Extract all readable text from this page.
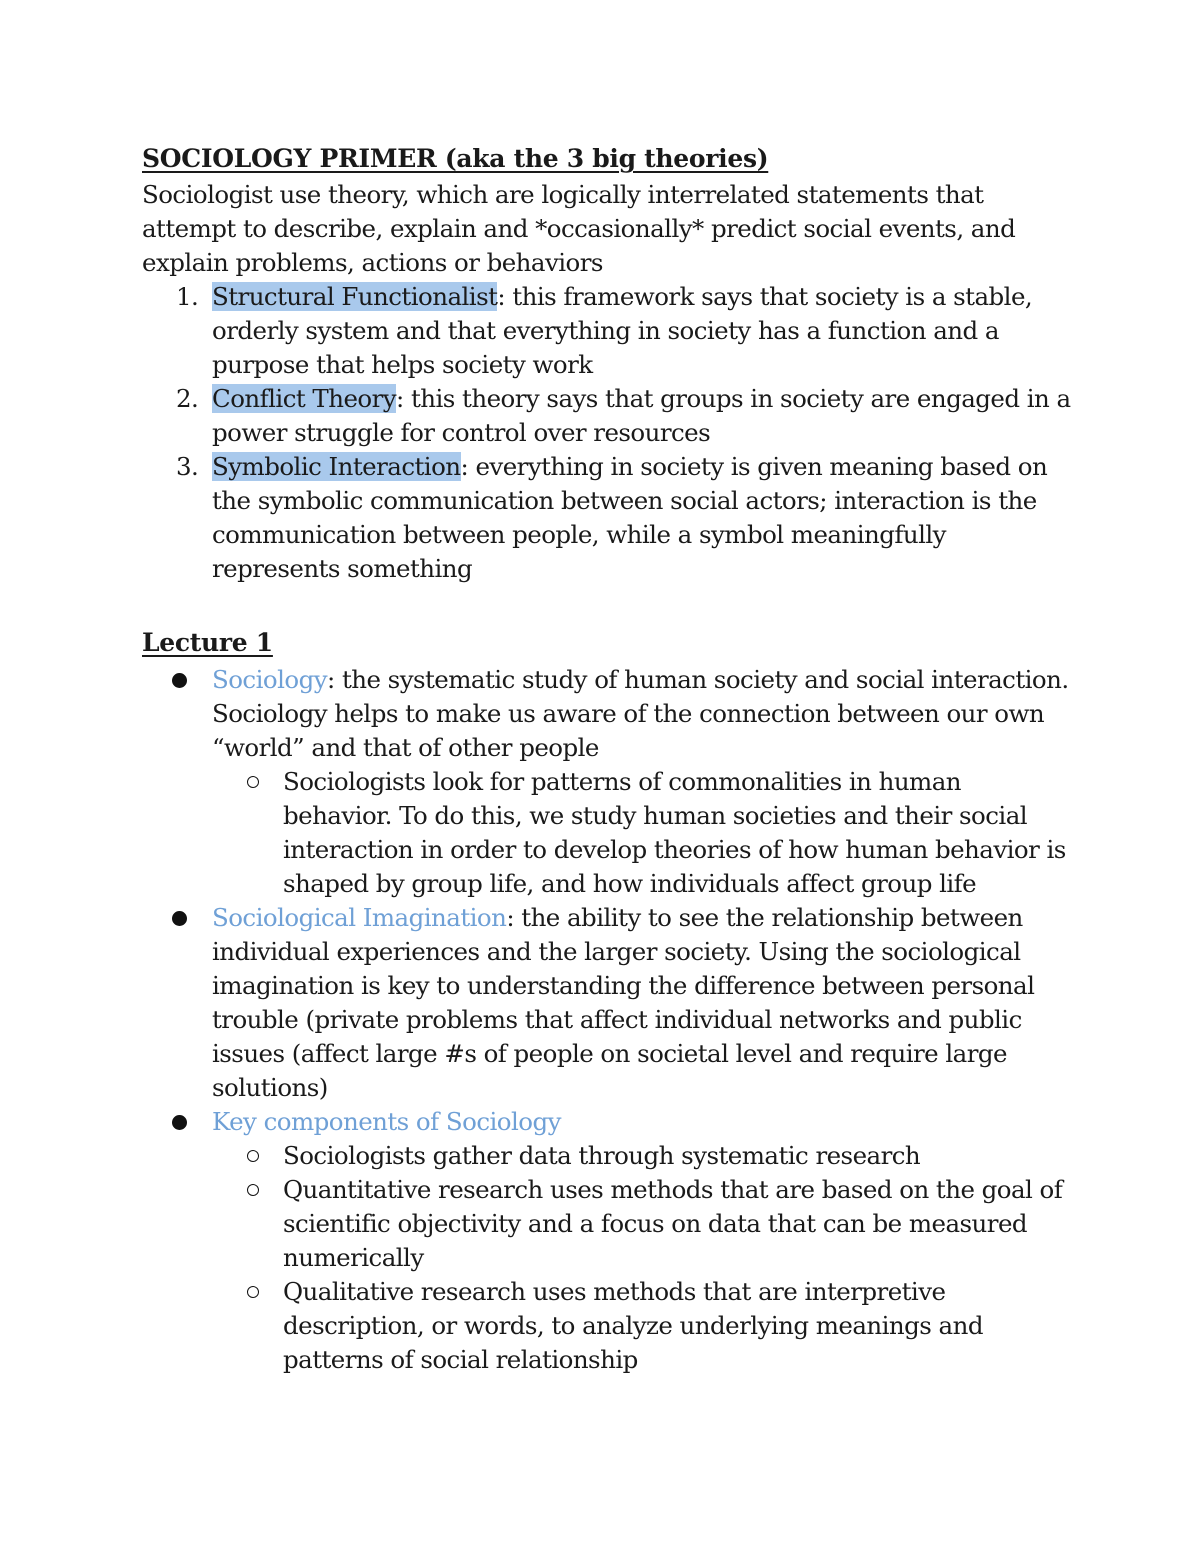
SOCIOLOGY PRIMER (aka the 3 big theories)
Sociologist use theory, which are logically interrelated statements that
attempt to describe, explain and *occasionally* predict social events, and
explain problems, actions or behaviors
1. Structural Functionalist: this framework says that society is a stable,
orderly system and that everything in society has a function and a
purpose that helps society work
2. Conflict Theory: this theory says that groups in society are engaged in a
power struggle for control over resources
3. Symbolic Interaction: everything in society is given meaning based on
the symbolic communication between social actors; interaction is the
communication between people, while a symbol meaningfully
represents something
Lecture 1
Sociology: the systematic study of human society and social interaction.
Sociology helps to make us aware of the connection between our own
“world” and that of other people
Sociologists look for patterns of commonalities in human
behavior. To do this, we study human societies and their social
interaction in order to develop theories of how human behavior is
shaped by group life, and how individuals affect group life
Sociological Imagination: the ability to see the relationship between
individual experiences and the larger society. Using the sociological
imagination is key to understanding the difference between personal
trouble (private problems that affect individual networks and public
issues (affect large #s of people on societal level and require large
solutions)
Key components of Sociology
Sociologists gather data through systematic research
Quantitative research uses methods that are based on the goal of
scientific objectivity and a focus on data that can be measured
numerically
Qualitative research uses methods that are interpretive
description, or words, to analyze underlying meanings and
patterns of social relationship
